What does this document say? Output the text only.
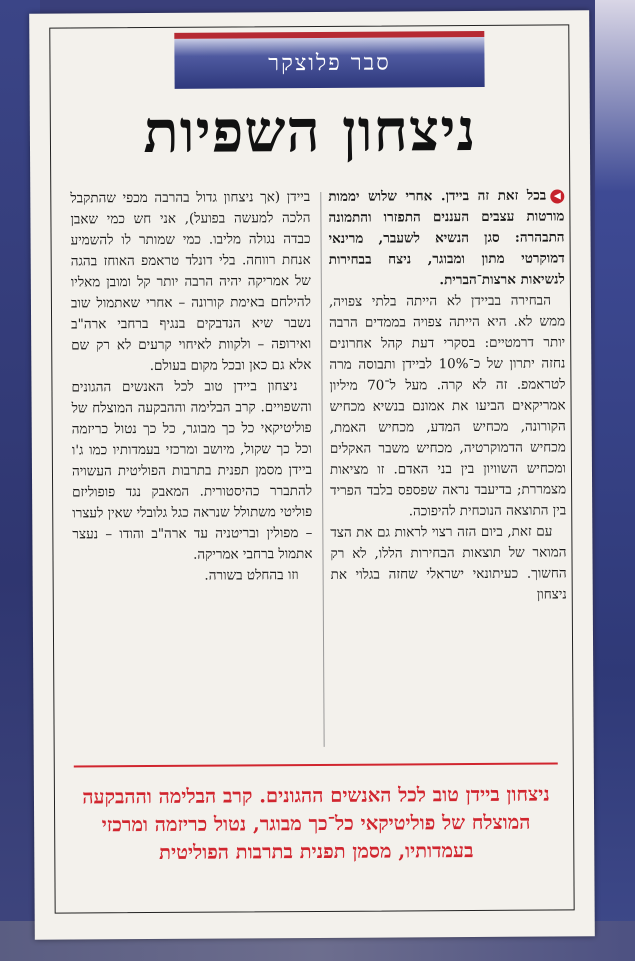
סבר פלוצקר
ניצחון השפיות

◀בכל זאת זה ביידן. אחרי שלוש יממות מורטות עצבים העננים התפזרו והתמונה התבהרה: סגן הנשיא לשעבר, מרינאי דמוקרטי מתון ומבוגר, ניצח בבחירות לנשיאות ארצות־הברית.

הבחירה בביידן לא הייתה בלתי צפויה, ממש לא. היא הייתה צפויה בממדים הרבה יותר דרמטיים: בסקרי דעת קהל אחרונים נחזה יתרון של כ־10% לביידן ותבוסה מרה לטראמפ. זה לא קרה. מעל ל־70 מיליון אמריקאים הביעו את אמונם בנשיא מכחיש הקורונה, מכחיש המדע, מכחיש האמת, מכחיש הדמוקרטיה, מכחיש משבר האקלים ומכחיש השוויון בין בני האדם. זו מציאות מצמררת; בדיעבד נראה שפספס בלבד הפריד בין התוצאה הנוכחית להיפוכה.

עם זאת, ביום הזה רצוי לראות גם את הצד המואר של תוצאות הבחירות הללו, לא רק החשוך. כעיתונאי ישראלי שחזה בגלוי את ניצחון

ביידן (אך ניצחון גדול בהרבה מכפי שהתקבל הלכה למעשה בפועל), אני חש כמי שאבן כבדה נגולה מליבו. כמי שמותר לו להשמיע אנחת רווחה. בלי דונלד טראמפ האוחז בהגה של אמריקה יהיה הרבה יותר קל ומובן מאליו להילחם באימת קורונה – אחרי שאתמול שוב נשבר שיא הנדבקים בנגיף ברחבי ארה"ב ואירופה – ולקוות לאיחוי קרעים לא רק שם אלא גם כאן ובכל מקום בעולם.

ניצחון ביידן טוב לכל האנשים ההגונים והשפויים. קרב הבלימה וההבקעה המוצלח של פוליטיקאי כל כך מבוגר, כל כך נטול כריזמה וכל כך שקול, מיושב ומרכזי בעמדותיו כמו ג'ו ביידן מסמן תפנית בתרבות הפוליטית העשויה להתברר כהיסטורית. המאבק נגד פופוליזם פוליטי משתולל שנראה כגל גלובלי שאין לעצרו – מפולין ובריטניה עד ארה"ב והודו – נעצר אתמול ברחבי אמריקה.

וזו בהחלט בשורה.

ניצחון ביידן טוב לכל האנשים ההגונים. קרב הבלימה וההבקעה המוצלח של פוליטיקאי כל־כך מבוגר, נטול כריזמה ומרכזי בעמדותיו, מסמן תפנית בתרבות הפוליטית
